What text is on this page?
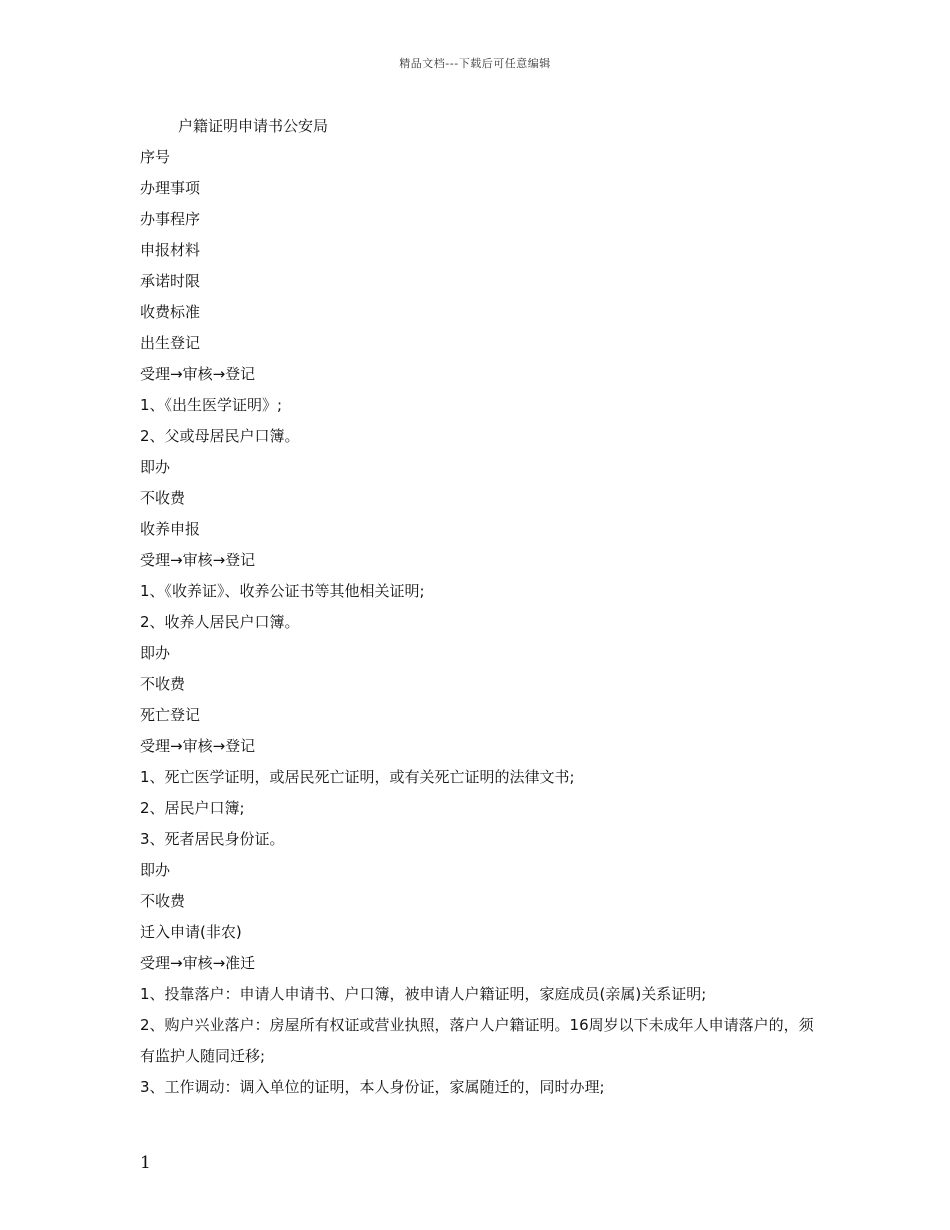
精品文档---下载后可任意编辑
户籍证明申请书公安局
序号
办理事项
办事程序
申报材料
承诺时限
收费标准
出生登记
受理→审核→登记
1、《出生医学证明》;
2、父或母居民户口簿。
即办
不收费
收养申报
受理→审核→登记
1、《收养证》、收养公证书等其他相关证明;
2、收养人居民户口簿。
即办
不收费
死亡登记
受理→审核→登记
1、死亡医学证明，或居民死亡证明，或有关死亡证明的法律文书;
2、居民户口簿;
3、死者居民身份证。
即办
不收费
迁入申请(非农)
受理→审核→准迁
1、投靠落户：申请人申请书、户口簿，被申请人户籍证明，家庭成员(亲属)关系证明;
2、购户兴业落户：房屋所有权证或营业执照，落户人户籍证明。16周岁以下未成年人申请落户的，须有监护人随同迁移;
3、工作调动：调入单位的证明，本人身份证，家属随迁的，同时办理;
1
